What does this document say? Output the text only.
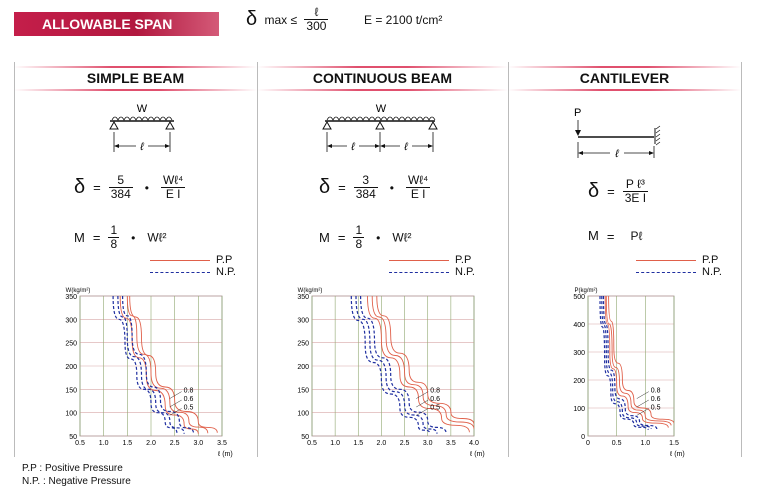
ALLOWABLE SPAN	δ $\max \le \frac{\text{ℓ}}{300}$	E = 2100 t/cm²
SIMPLE BEAM
W
ℓ
$\delta = \frac{5}{384}$ • $\frac{\text{Wℓ⁴}}{\text{E I}}$
$M = \frac{1}{8}$ • Wℓ²
P.P
N.P.
CONTINUOUS BEAM
W
ℓ	ℓ
$\delta = \frac{3}{384}$ • $\frac{\text{Wℓ⁴}}{\text{E I}}$
$M = \frac{1}{8}$ • Wℓ²
P.P
N.P.
CANTILEVER
P
ℓ
$\delta = \frac{\text{P ℓ³}}{\text{3E I}}$
M = Pℓ
P.P
N.P.
50
100
150
200
250
300
350
0.5 1.0 1.5 2.0 2.5 3.0 3.5
W(kg/m²)
ℓ (m)
0.8
0.6
0.5
50
100
150
200
250
300
350
0.5 1.0 1.5 2.0 2.5 3.0 3.5 4.0
W(kg/m²)
ℓ (m)
0.8
0.6
0.5
0
100
200
300
400
500
0	0.5	1.0	1.5
P(kg/m²)
ℓ (m)
0.8
0.6
0.5
P.P : Positive Pressure
N.P. : Negative Pressure
